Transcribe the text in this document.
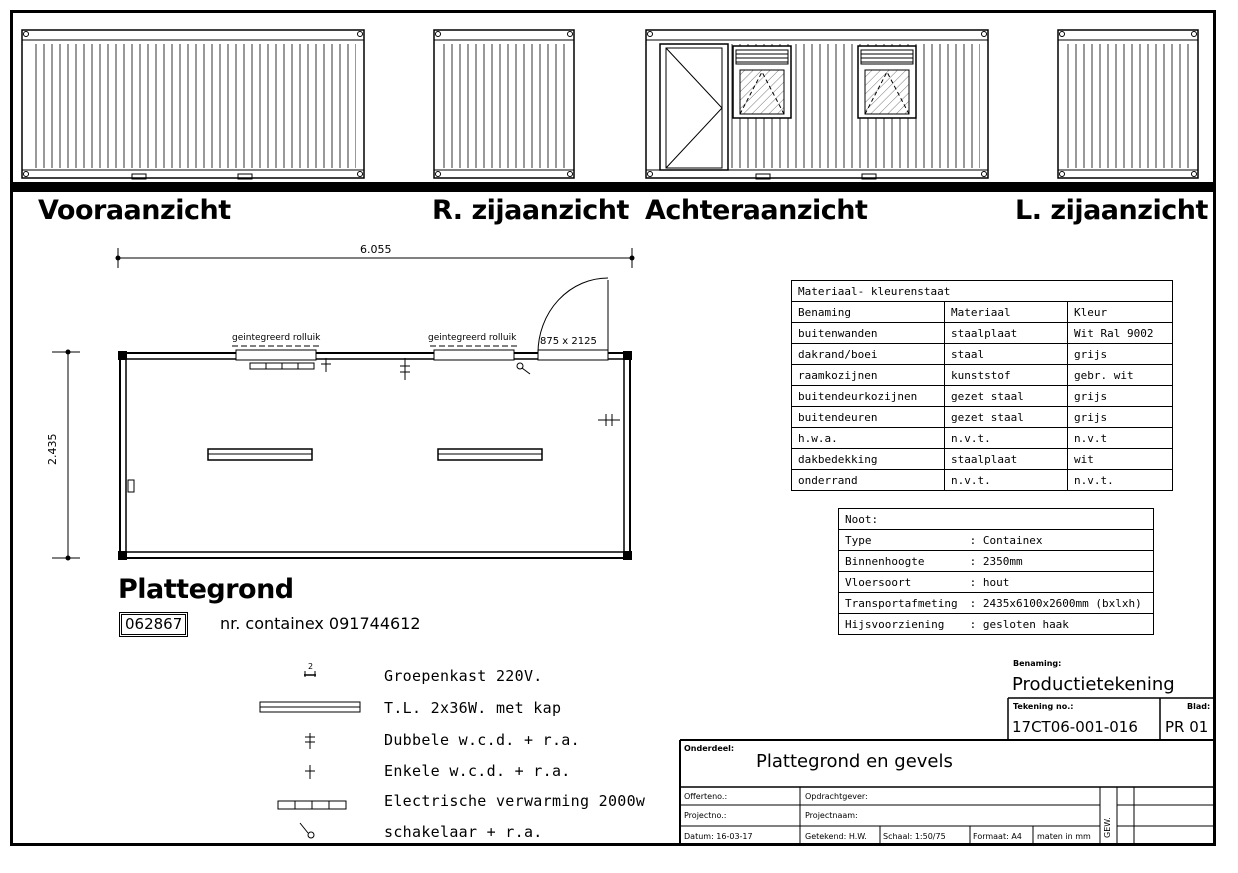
Vooraanzicht	R. zijaanzicht Achteraanzicht	L. zijaanzicht
6.055
2.435
geintegreerd rolluik	geintegreerd rolluik 875 x 2125
Plattegrond
062867 nr. containex 091744612
2
Groepenkast 220V.
T.L. 2x36W. met kap
Dubbele w.c.d. + r.a.
Enkele w.c.d. + r.a.
Electrische verwarming 2000w
schakelaar + r.a.
Materiaal- kleurenstaat		
Benaming	Materiaal	Kleur
buitenwanden	staalplaat	Wit Ral 9002
dakrand/boei	staal	grijs
raamkozijnen	kunststof	gebr. wit
buitendeurkozijnen	gezet staal	grijs
buitendeuren	gezet staal	grijs
h.w.a.	n.v.t.	n.v.t
dakbedekking	staalplaat	wit
onderrand	n.v.t.	n.v.t.
Noot:	
Type	: Containex
Binnenhoogte	: 2350mm
Vloersoort	: hout
Transportafmeting	: 2435x6100x2600mm (bxlxh)
Hijsvoorziening	: gesloten haak
Benaming:
Productietekening
Tekening no.:
17CT06-001-016
Blad:
PR 01
Onderdeel:
Plattegrond en gevels
Offerteno.:	Opdrachtgever:
Projectno.:	Projectnaam:
Datum: 16-03-17	Getekend: H.W. Schaal: 1:50/75	Formaat: A4 maten in mm GEW.
